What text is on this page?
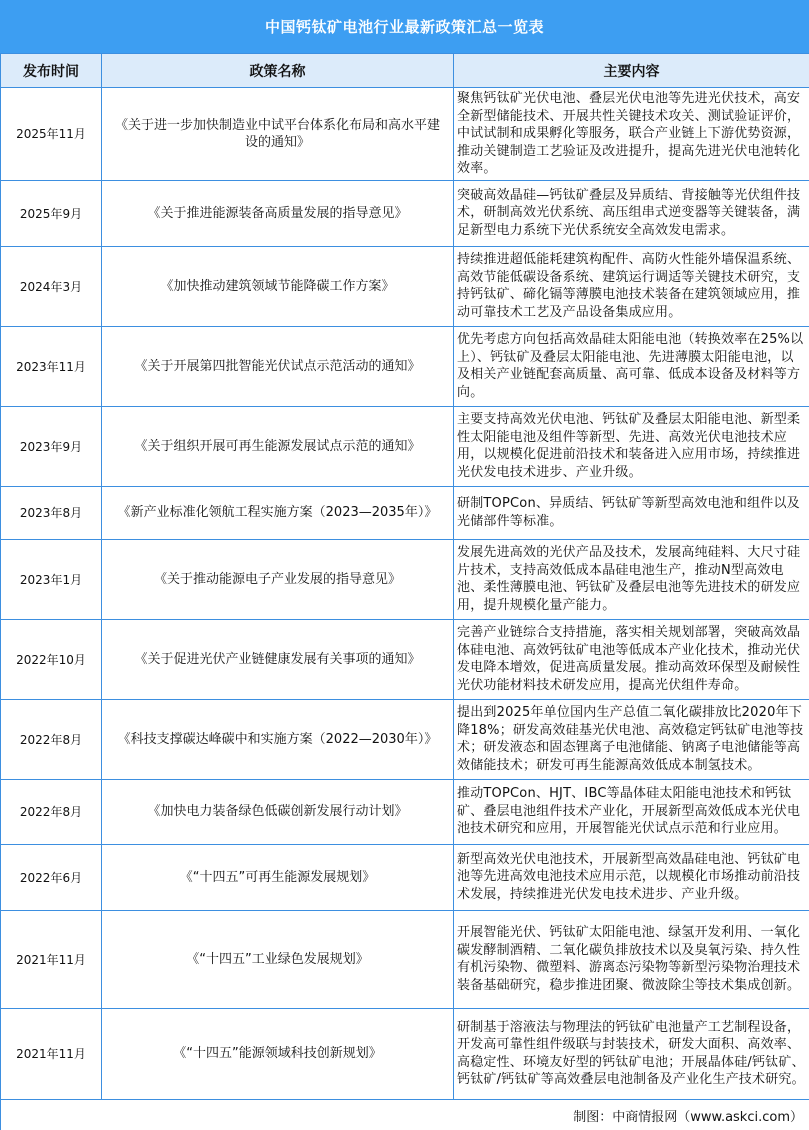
中国钙钛矿电池行业最新政策汇总一览表
发布时间	政策名称	主要内容
2025年11月	《关于进一步加快制造业中试平台体系化布局和高水平建设的通知》	聚焦钙钛矿光伏电池、叠层光伏电池等先进光伏技术，高安全新型储能技术、开展共性关键技术攻关、测试验证评价，中试试制和成果孵化等服务，联合产业链上下游优势资源，推动关键制造工艺验证及改进提升，提高先进光伏电池转化效率。
2025年9月	《关于推进能源装备高质量发展的指导意见》	突破高效晶硅—钙钛矿叠层及异质结、背接触等光伏组件技术，研制高效光伏系统、高压组串式逆变器等关键装备，满足新型电力系统下光伏系统安全高效发电需求。
2024年3月	《加快推动建筑领域节能降碳工作方案》	持续推进超低能耗建筑构配件、高防火性能外墙保温系统、高效节能低碳设备系统、建筑运行调适等关键技术研究，支持钙钛矿、碲化镉等薄膜电池技术装备在建筑领域应用，推动可靠技术工艺及产品设备集成应用。
2023年11月	《关于开展第四批智能光伏试点示范活动的通知》	优先考虑方向包括高效晶硅太阳能电池（转换效率在25%以上）、钙钛矿及叠层太阳能电池、先进薄膜太阳能电池，以及相关产业链配套高质量、高可靠、低成本设备及材料等方向。
2023年9月	《关于组织开展可再生能源发展试点示范的通知》	主要支持高效光伏电池、钙钛矿及叠层太阳能电池、新型柔性太阳能电池及组件等新型、先进、高效光伏电池技术应用，以规模化促进前沿技术和装备进入应用市场，持续推进光伏发电技术进步、产业升级。
2023年8月	《新产业标准化领航工程实施方案（2023—2035年）》	研制TOPCon、异质结、钙钛矿等新型高效电池和组件以及光储部件等标准。
2023年1月	《关于推动能源电子产业发展的指导意见》	发展先进高效的光伏产品及技术，发展高纯硅料、大尺寸硅片技术，支持高效低成本晶硅电池生产，推动N型高效电池、柔性薄膜电池、钙钛矿及叠层电池等先进技术的研发应用，提升规模化量产能力。
2022年10月	《关于促进光伏产业链健康发展有关事项的通知》	完善产业链综合支持措施，落实相关规划部署，突破高效晶体硅电池、高效钙钛矿电池等低成本产业化技术，推动光伏发电降本增效，促进高质量发展。推动高效环保型及耐候性光伏功能材料技术研发应用，提高光伏组件寿命。
2022年8月	《科技支撑碳达峰碳中和实施方案（2022—2030年）》	提出到2025年单位国内生产总值二氧化碳排放比2020年下降18%；研发高效硅基光伏电池、高效稳定钙钛矿电池等技术；研发液态和固态锂离子电池储能、钠离子电池储能等高效储能技术；研发可再生能源高效低成本制氢技术。
2022年8月	《加快电力装备绿色低碳创新发展行动计划》	推动TOPCon、HJT、IBC等晶体硅太阳能电池技术和钙钛矿、叠层电池组件技术产业化，开展新型高效低成本光伏电池技术研究和应用，开展智能光伏试点示范和行业应用。
2022年6月	《“十四五”可再生能源发展规划》	新型高效光伏电池技术，开展新型高效晶硅电池、钙钛矿电池等先进高效电池技术应用示范，以规模化市场推动前沿技术发展，持续推进光伏发电技术进步、产业升级。
2021年11月	《“十四五”工业绿色发展规划》	开展智能光伏、钙钛矿太阳能电池、绿氢开发利用、一氧化碳发酵制酒精、二氧化碳负排放技术以及臭氧污染、持久性有机污染物、微塑料、游离态污染物等新型污染物治理技术装备基础研究，稳步推进团聚、微波除尘等技术集成创新。
2021年11月	《“十四五”能源领域科技创新规划》	研制基于溶液法与物理法的钙钛矿电池量产工艺制程设备，开发高可靠性组件级联与封装技术，研发大面积、高效率、高稳定性、环境友好型的钙钛矿电池；开展晶体硅/钙钛矿、钙钛矿/钙钛矿等高效叠层电池制备及产业化生产技术研究。
制图：中商情报网（www.askci.com）		
